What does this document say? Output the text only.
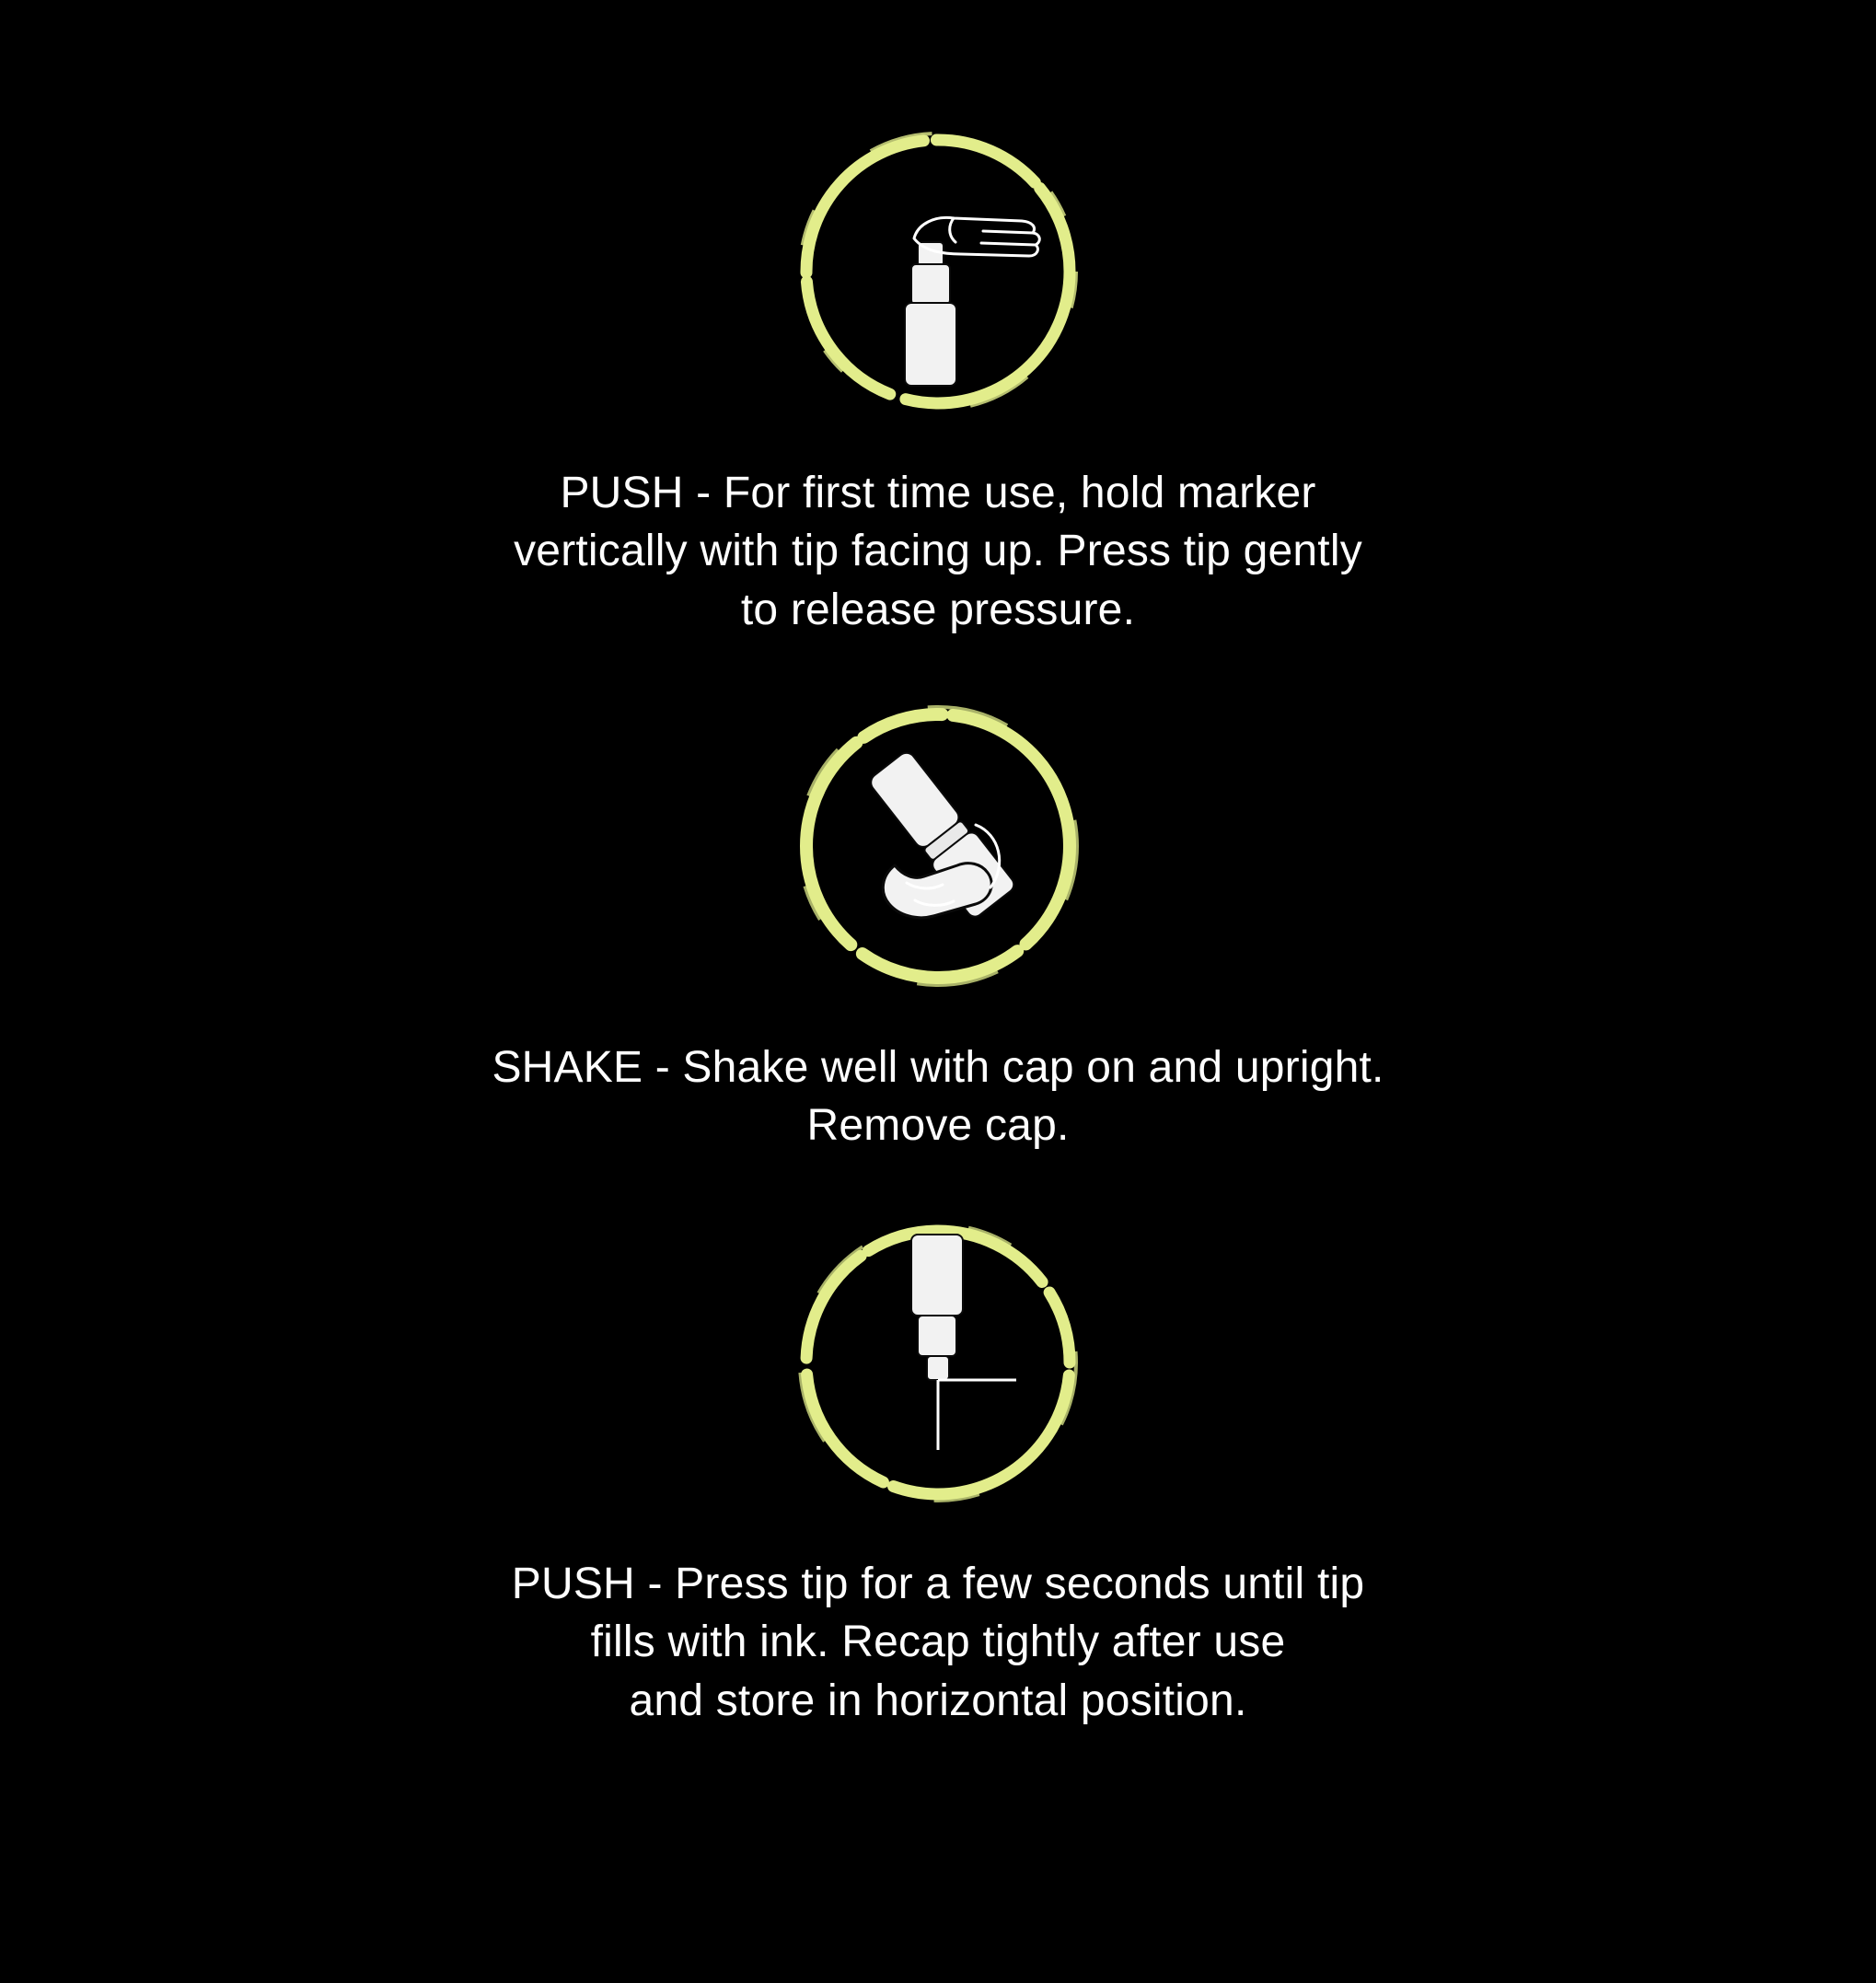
PUSH - For first time use, hold marker
vertically with tip facing up. Press tip gently
to release pressure.
SHAKE - Shake well with cap on and upright.
Remove cap.
PUSH - Press tip for a few seconds until tip
fills with ink. Recap tightly after use
and store in horizontal position.
